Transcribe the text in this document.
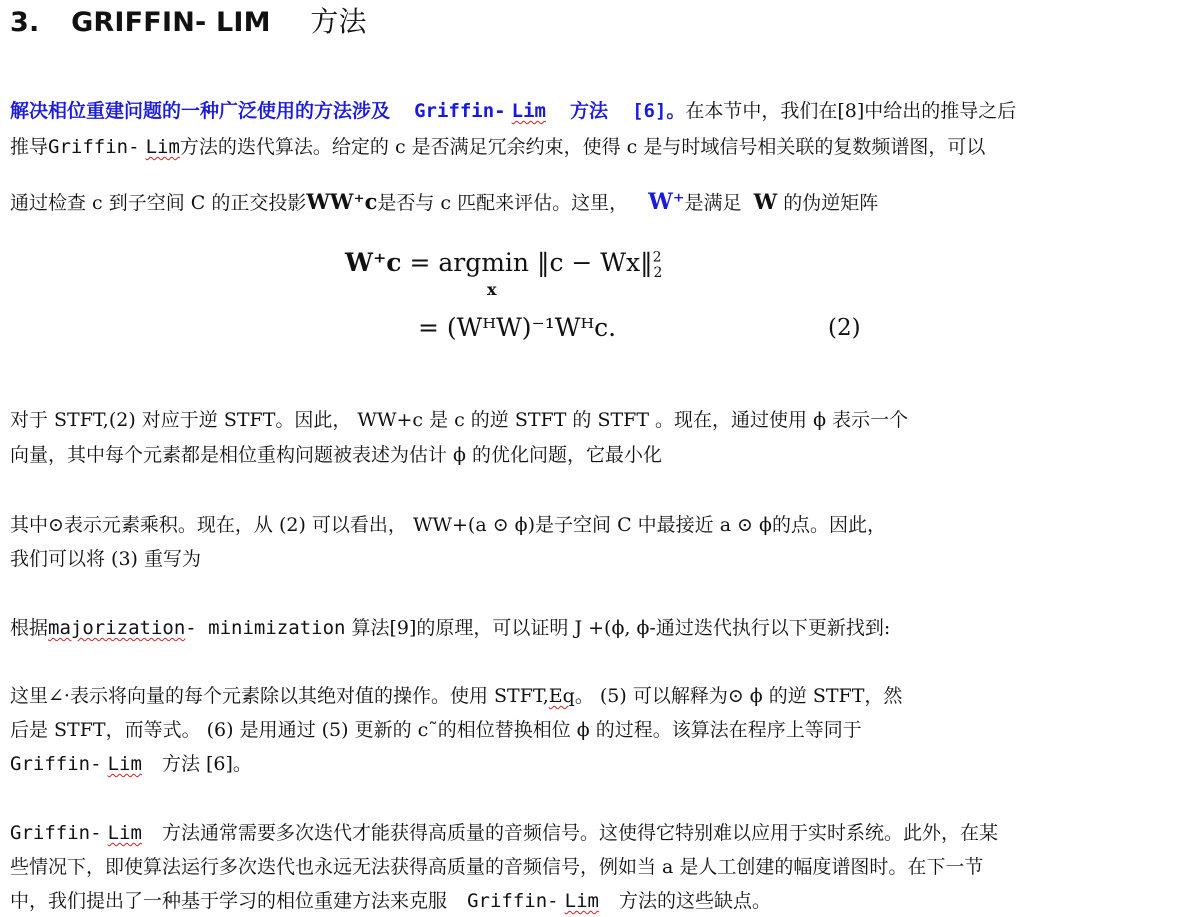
3. GRIFFIN- LIM 方法
解决相位重建问题的一种广泛使用的方法涉及 Griffin- Lim 方法 [6]。在本节中，我们在[8]中给出的推导之后
推导Griffin- Lim方法的迭代算法。给定的 c 是否满足冗余约束，使得 c 是与时域信号相关联的复数频谱图，可以
通过检查 c 到子空间 C 的正交投影WW⁺c是否与 c 匹配来评估。这里， W⁺是满足 W 的伪逆矩阵
W⁺c = argmin ‖c − Wx‖$^2_2$
x
= (WᴴW)⁻¹Wᴴc.	(2)
对于 STFT,(2) 对应于逆 STFT。因此， WW+c 是 c 的逆 STFT 的 STFT 。现在，通过使用 ϕ 表示一个
向量，其中每个元素都是相位重构问题被表述为估计 ϕ 的优化问题，它最小化
其中⊙表示元素乘积。现在，从 (2) 可以看出， WW+(a ⊙ ϕ)是子空间 C 中最接近 a ⊙ ϕ的点。因此，
我们可以将 (3) 重写为
根据majorization- minimization 算法[9]的原理，可以证明 J +(ϕ, ϕ-通过迭代执行以下更新找到:
这里∠·表示将向量的每个元素除以其绝对值的操作。使用 STFT,Eq。 (5) 可以解释为⊙ ϕ 的逆 STFT，然
后是 STFT，而等式。 (6) 是用通过 (5) 更新的 c˜的相位替换相位 ϕ 的过程。该算法在程序上等同于
Griffin- Lim 方法 [6]。
Griffin- Lim 方法通常需要多次迭代才能获得高质量的音频信号。这使得它特别难以应用于实时系统。此外，在某
些情况下，即使算法运行多次迭代也永远无法获得高质量的音频信号，例如当 a 是人工创建的幅度谱图时。在下一节
中，我们提出了一种基于学习的相位重建方法来克服 Griffin- Lim 方法的这些缺点。
